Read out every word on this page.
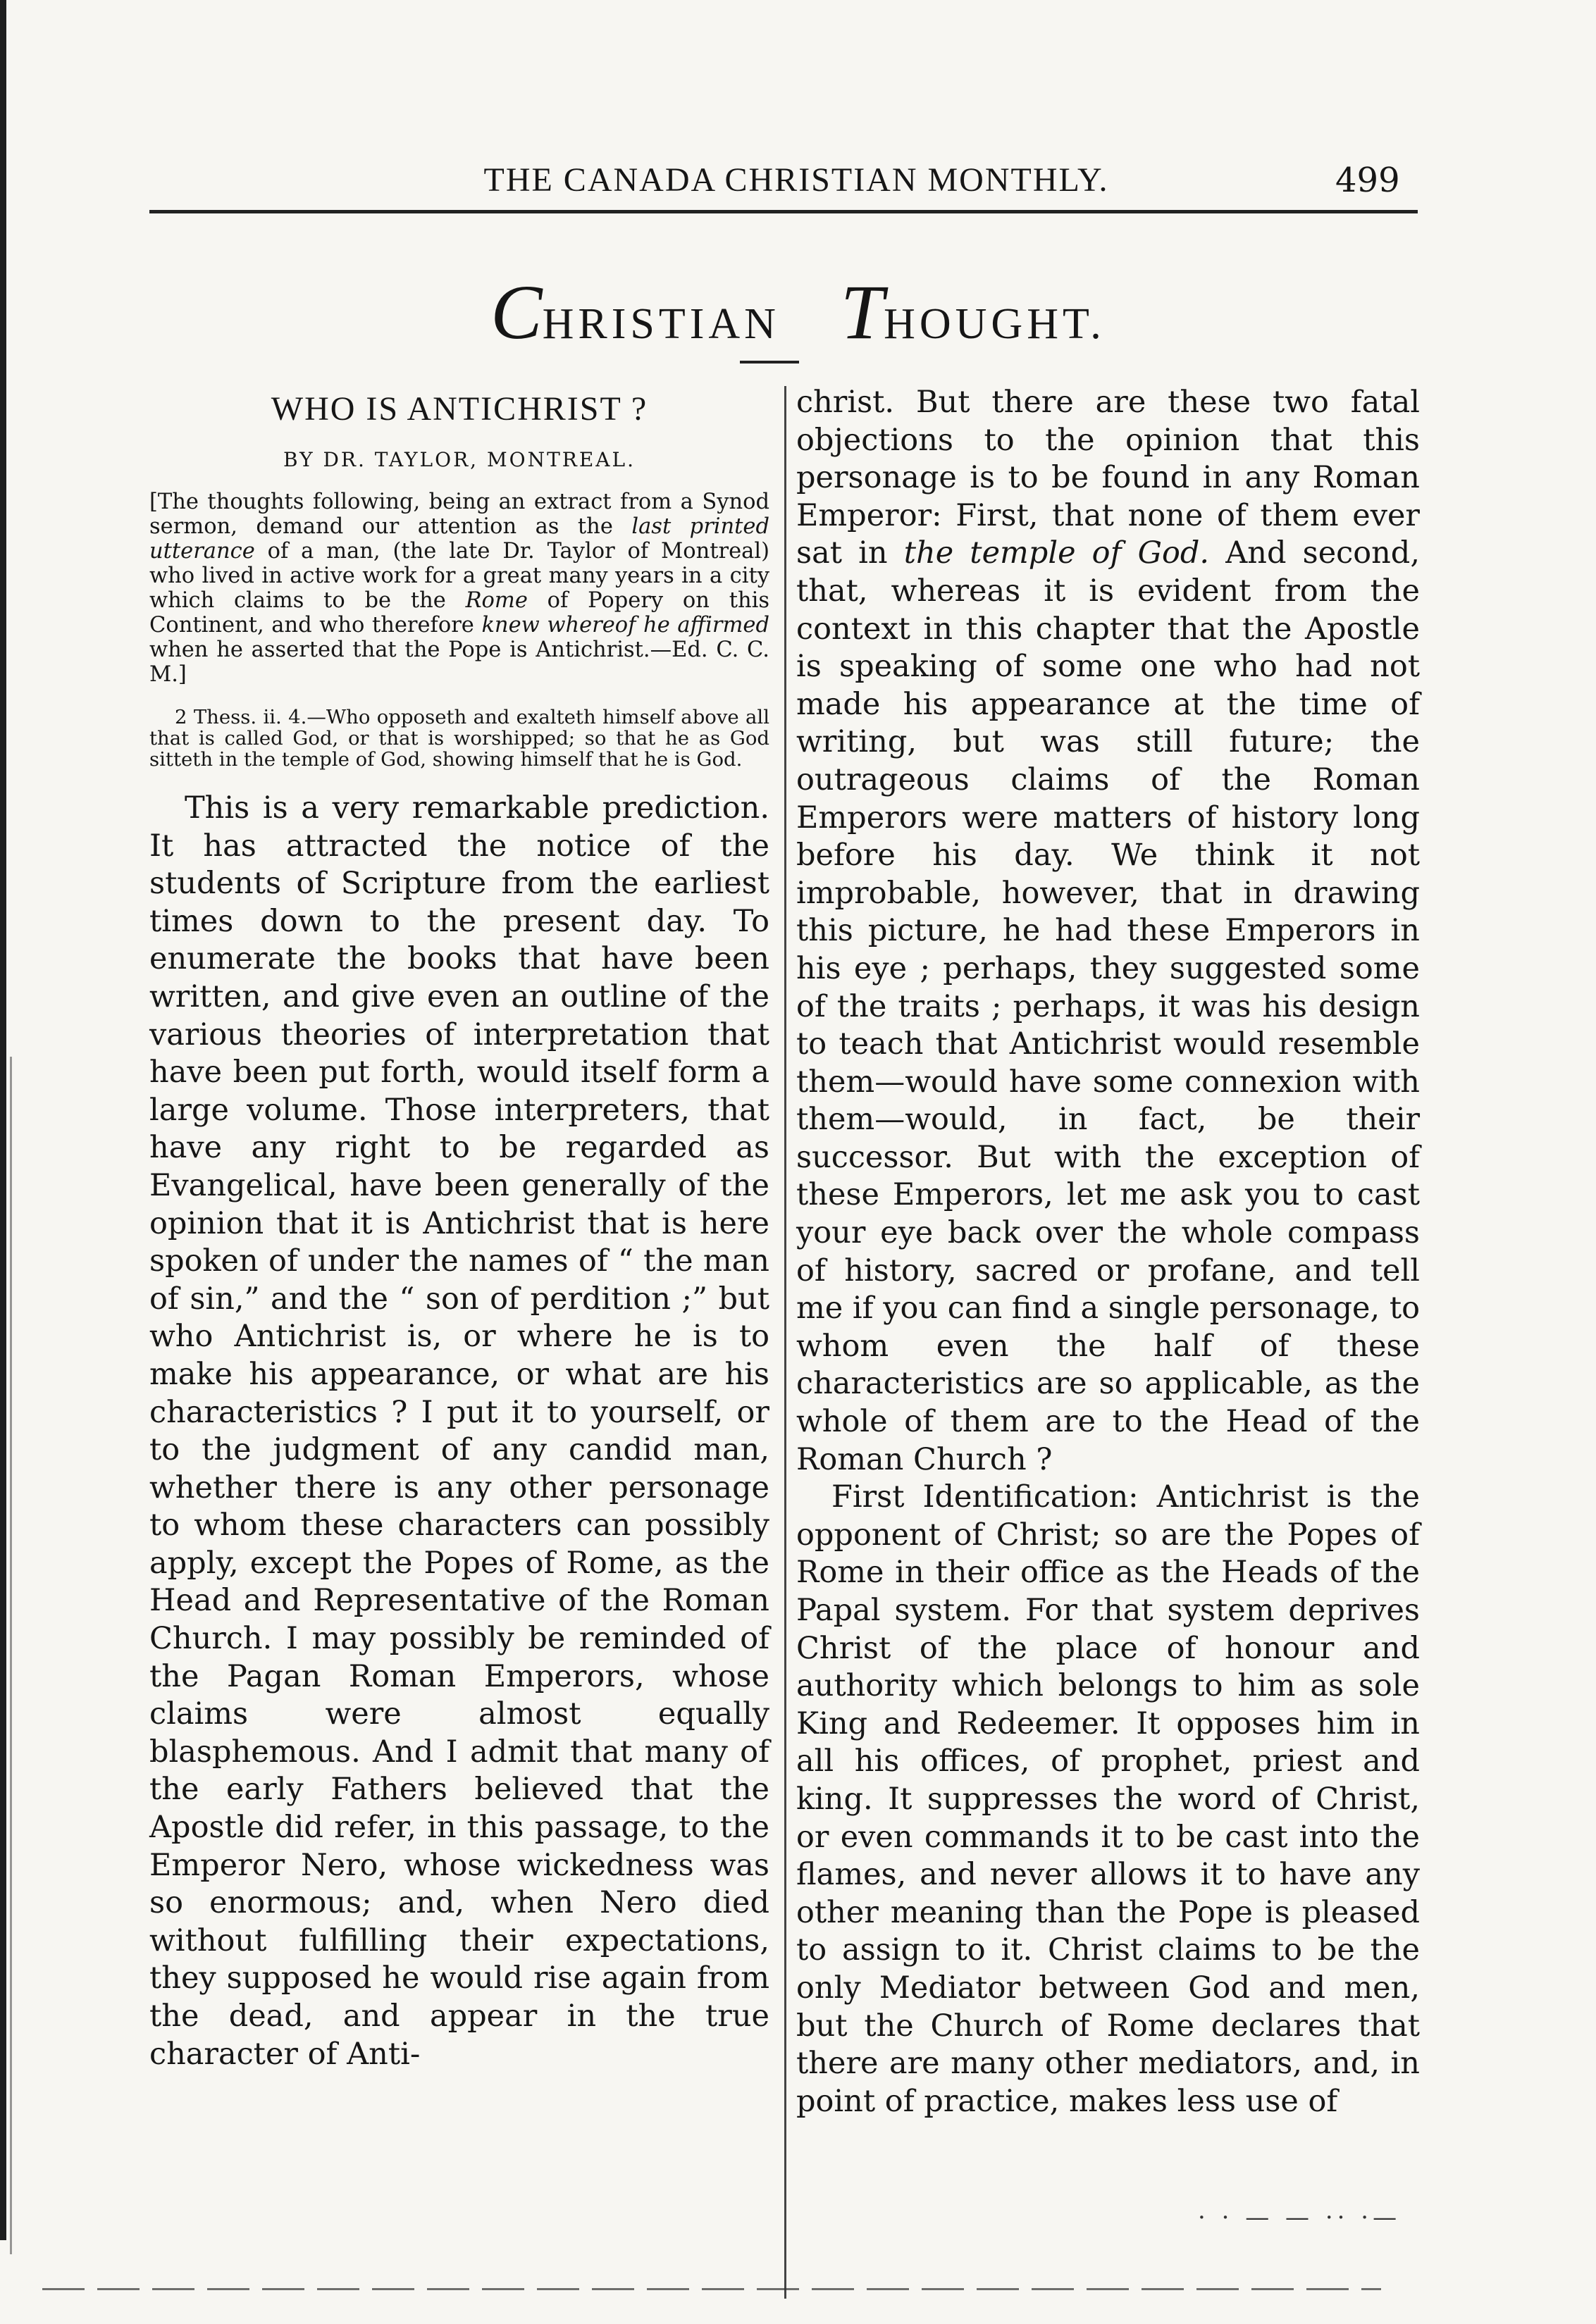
THE CANADA CHRISTIAN MONTHLY.	499
CHRISTIAN THOUGHT.
WHO IS ANTICHRIST ?
BY DR. TAYLOR, MONTREAL.

[The thoughts following, being an extract from a Synod sermon, demand our attention as the last printed utterance of a man, (the late Dr. Taylor of Montreal) who lived in active work for a great many years in a city which claims to be the Rome of Popery on this Continent, and who therefore knew whereof he affirmed when he asserted that the Pope is Antichrist.—Ed. C. C. M.]

2 Thess. ii. 4.—Who opposeth and exalteth himself above all that is called God, or that is worshipped; so that he as God sitteth in the temple of God, showing himself that he is God.

This is a very remarkable prediction. It has attracted the notice of the students of Scripture from the earliest times down to the present day. To enumerate the books that have been written, and give even an outline of the various theories of interpretation that have been put forth, would itself form a large volume. Those interpreters, that have any right to be regarded as Evangelical, have been generally of the opinion that it is Antichrist that is here spoken of under the names of “ the man of sin,” and the “ son of perdition ;” but who Antichrist is, or where he is to make his appearance, or what are his characteristics ? I put it to yourself, or to the judgment of any candid man, whether there is any other personage to whom these characters can possibly apply, except the Popes of Rome, as the Head and Representative of the Roman Church. I may possibly be reminded of the Pagan Roman Emperors, whose claims were almost equally blasphemous. And I admit that many of the early Fathers believed that the Apostle did refer, in this passage, to the Emperor Nero, whose wickedness was so enormous; and, when Nero died without fulfilling their expectations, they supposed he would rise again from the dead, and appear in the true character of Anti-

christ. But there are these two fatal objections to the opinion that this personage is to be found in any Roman Emperor: First, that none of them ever sat in the temple of God. And second, that, whereas it is evident from the context in this chapter that the Apostle is speaking of some one who had not made his appearance at the time of writing, but was still future; the outrageous claims of the Roman Emperors were matters of history long before his day. We think it not improbable, however, that in drawing this picture, he had these Emperors in his eye ; perhaps, they suggested some of the traits ; perhaps, it was his design to teach that Antichrist would resemble them—would have some connexion with them—would, in fact, be their successor. But with the exception of these Emperors, let me ask you to cast your eye back over the whole compass of history, sacred or profane, and tell me if you can find a single personage, to whom even the half of these characteristics are so applicable, as the whole of them are to the Head of the Roman Church ?

First Identification: Antichrist is the opponent of Christ; so are the Popes of Rome in their office as the Heads of the Papal system. For that system deprives Christ of the place of honour and authority which belongs to him as sole King and Redeemer. It opposes him in all his offices, of prophet, priest and king. It suppresses the word of Christ, or even commands it to be cast into the flames, and never allows it to have any other meaning than the Pope is pleased to assign to it. Christ claims to be the only Mediator between God and men, but the Church of Rome declares that there are many other mediators, and, in point of practice, makes less use of

· · — — ·· ·—
